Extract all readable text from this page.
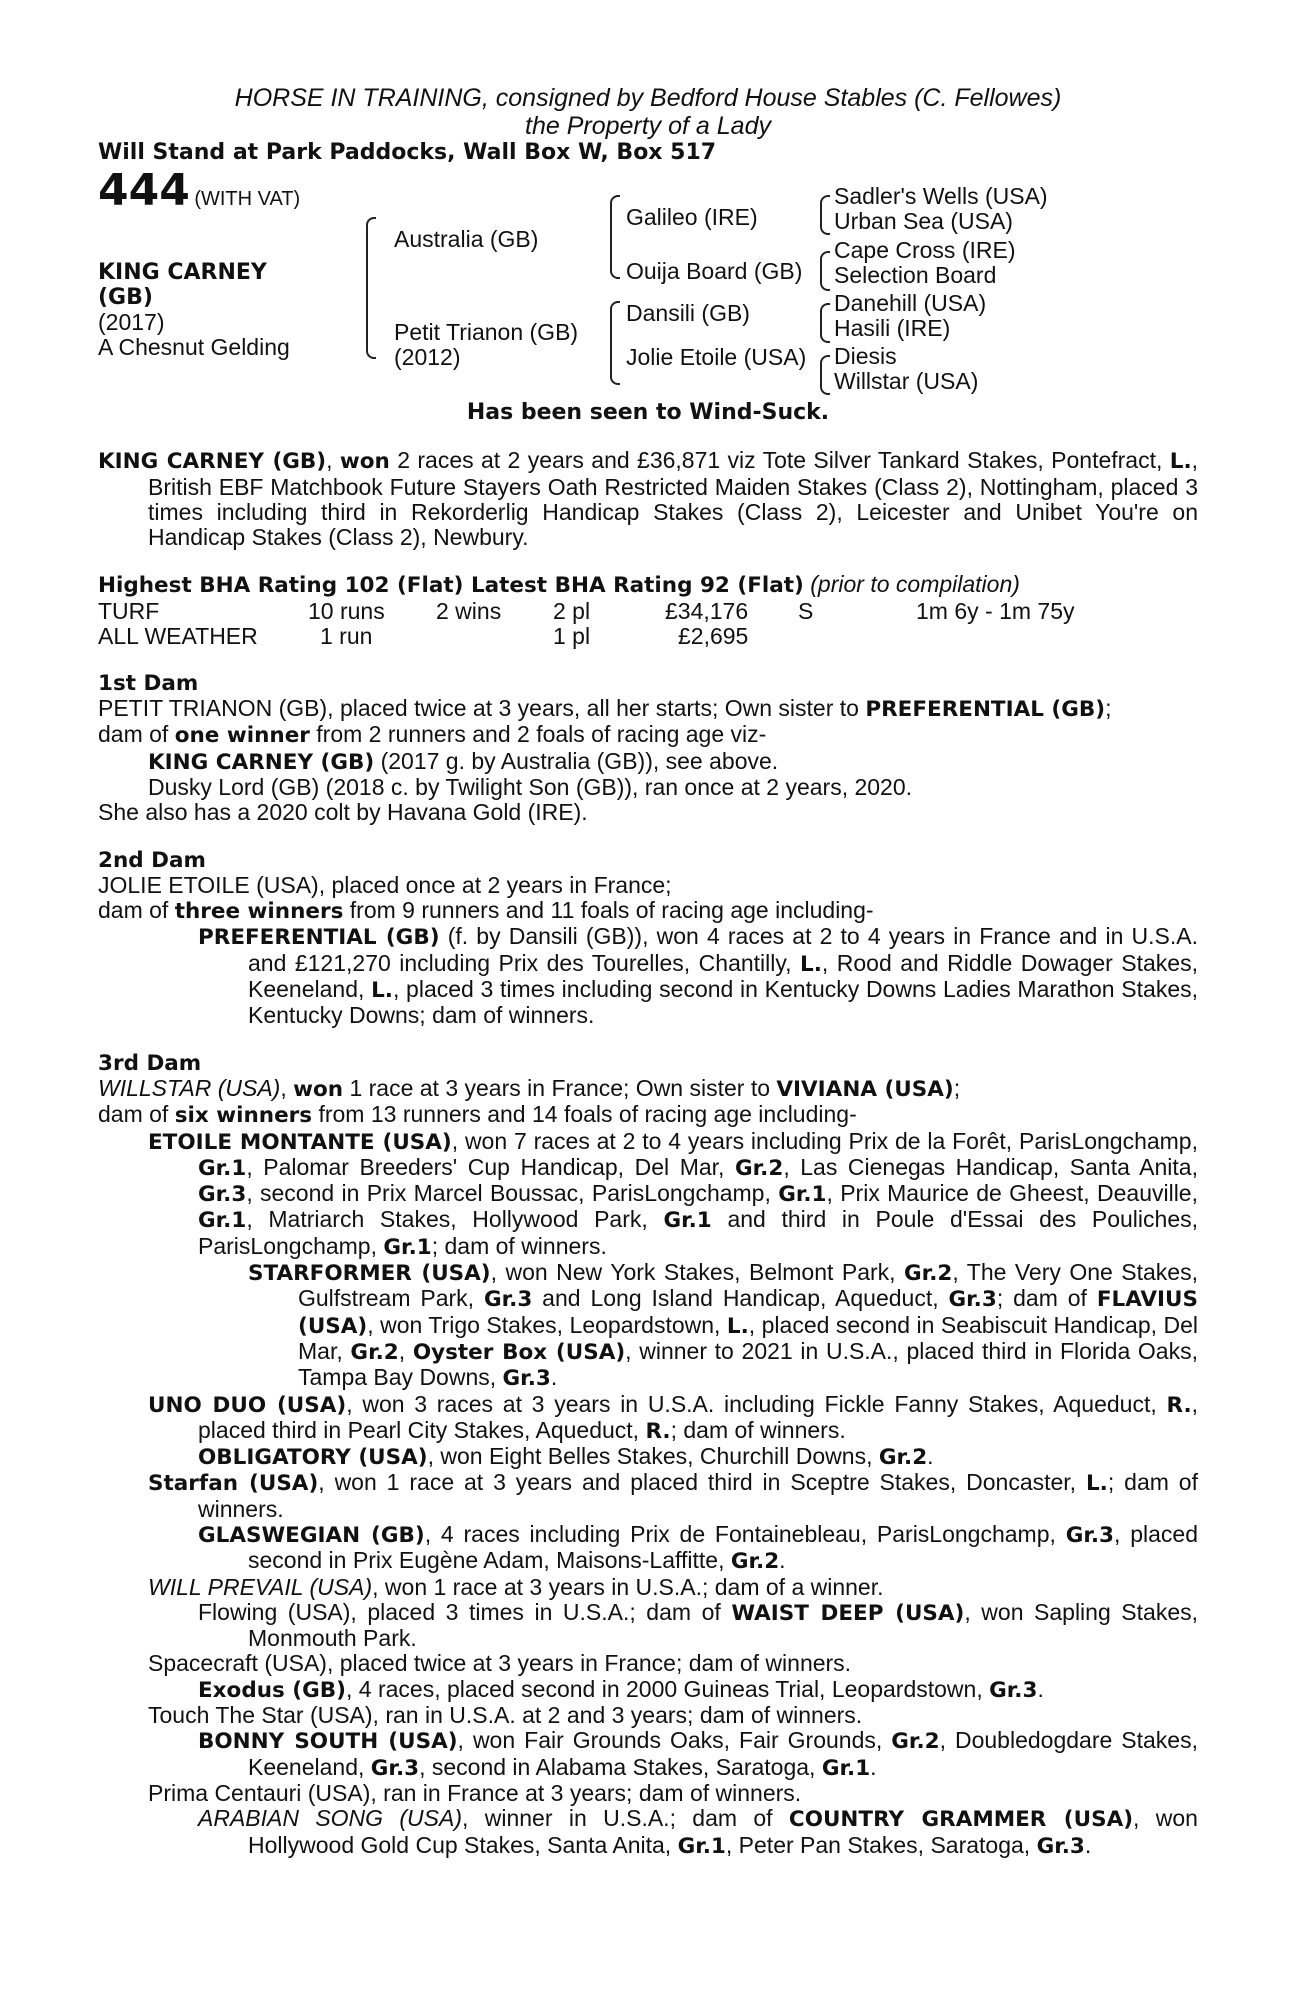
HORSE IN TRAINING, consigned by Bedford House Stables (C. Fellowes)
the Property of a Lady
Will Stand at Park Paddocks, Wall Box W, Box 517
444 (WITH VAT)
KING CARNEY
(GB)
(2017)
A Chesnut Gelding
Australia (GB)
Petit Trianon (GB)
(2012)
Galileo (IRE)
Ouija Board (GB)
Dansili (GB)
Jolie Etoile (USA)
Sadler's Wells (USA)
Urban Sea (USA)
Cape Cross (IRE)
Selection Board
Danehill (USA)
Hasili (IRE)
Diesis
Willstar (USA)
Has been seen to Wind-Suck.
KING CARNEY (GB), won 2 races at 2 years and £36,871 viz Tote Silver Tankard Stakes, Pontefract, L., British EBF Matchbook Future Stayers Oath Restricted Maiden Stakes (Class 2), Nottingham, placed 3 times including third in Rekorderlig Handicap Stakes (Class 2), Leicester and Unibet You're on Handicap Stakes (Class 2), Newbury.
Highest BHA Rating 102 (Flat) Latest BHA Rating 92 (Flat) (prior to compilation)
TURF	10 runs 2 wins 2 pl	£34,176 S	1m 6y - 1m 75y
ALL WEATHER	1 run	1 pl	£2,695
1st Dam
PETIT TRIANON (GB), placed twice at 3 years, all her starts; Own sister to PREFERENTIAL (GB);
dam of one winner from 2 runners and 2 foals of racing age viz-
KING CARNEY (GB) (2017 g. by Australia (GB)), see above.
Dusky Lord (GB) (2018 c. by Twilight Son (GB)), ran once at 2 years, 2020.
She also has a 2020 colt by Havana Gold (IRE).
2nd Dam
JOLIE ETOILE (USA), placed once at 2 years in France;
dam of three winners from 9 runners and 11 foals of racing age including-
PREFERENTIAL (GB) (f. by Dansili (GB)), won 4 races at 2 to 4 years in France and in U.S.A. and £121,270 including Prix des Tourelles, Chantilly, L., Rood and Riddle Dowager Stakes, Keeneland, L., placed 3 times including second in Kentucky Downs Ladies Marathon Stakes, Kentucky Downs; dam of winners.
3rd Dam
WILLSTAR (USA), won 1 race at 3 years in France; Own sister to VIVIANA (USA);
dam of six winners from 13 runners and 14 foals of racing age including-
ETOILE MONTANTE (USA), won 7 races at 2 to 4 years including Prix de la Forêt, ParisLongchamp, Gr.1, Palomar Breeders' Cup Handicap, Del Mar, Gr.2, Las Cienegas Handicap, Santa Anita, Gr.3, second in Prix Marcel Boussac, ParisLongchamp, Gr.1, Prix Maurice de Gheest, Deauville, Gr.1, Matriarch Stakes, Hollywood Park, Gr.1 and third in Poule d'Essai des Pouliches, ParisLongchamp, Gr.1; dam of winners.
STARFORMER (USA), won New York Stakes, Belmont Park, Gr.2, The Very One Stakes, Gulfstream Park, Gr.3 and Long Island Handicap, Aqueduct, Gr.3; dam of FLAVIUS (USA), won Trigo Stakes, Leopardstown, L., placed second in Seabiscuit Handicap, Del Mar, Gr.2, Oyster Box (USA), winner to 2021 in U.S.A., placed third in Florida Oaks, Tampa Bay Downs, Gr.3.
UNO DUO (USA), won 3 races at 3 years in U.S.A. including Fickle Fanny Stakes, Aqueduct, R., placed third in Pearl City Stakes, Aqueduct, R.; dam of winners.
OBLIGATORY (USA), won Eight Belles Stakes, Churchill Downs, Gr.2.
Starfan (USA), won 1 race at 3 years and placed third in Sceptre Stakes, Doncaster, L.; dam of winners.
GLASWEGIAN (GB), 4 races including Prix de Fontainebleau, ParisLongchamp, Gr.3, placed second in Prix Eugène Adam, Maisons-Laffitte, Gr.2.
WILL PREVAIL (USA), won 1 race at 3 years in U.S.A.; dam of a winner.
Flowing (USA), placed 3 times in U.S.A.; dam of WAIST DEEP (USA), won Sapling Stakes, Monmouth Park.
Spacecraft (USA), placed twice at 3 years in France; dam of winners.
Exodus (GB), 4 races, placed second in 2000 Guineas Trial, Leopardstown, Gr.3.
Touch The Star (USA), ran in U.S.A. at 2 and 3 years; dam of winners.
BONNY SOUTH (USA), won Fair Grounds Oaks, Fair Grounds, Gr.2, Doubledogdare Stakes, Keeneland, Gr.3, second in Alabama Stakes, Saratoga, Gr.1.
Prima Centauri (USA), ran in France at 3 years; dam of winners.
ARABIAN SONG (USA), winner in U.S.A.; dam of COUNTRY GRAMMER (USA), won Hollywood Gold Cup Stakes, Santa Anita, Gr.1, Peter Pan Stakes, Saratoga, Gr.3.
